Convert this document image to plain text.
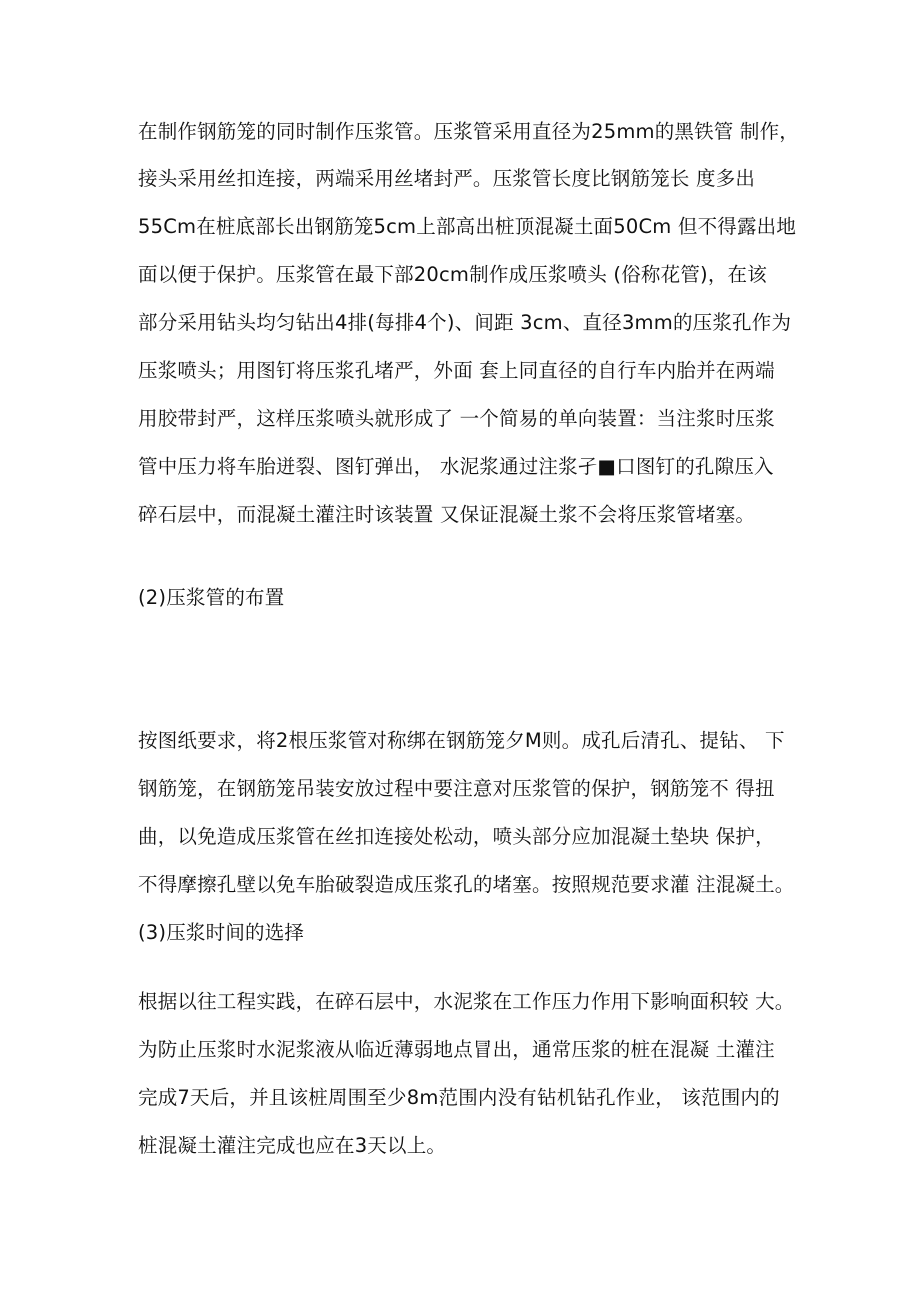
在制作钢筋笼的同时制作压浆管。压浆管采用直径为25mm的黑铁管 制作，
接头采用丝扣连接，两端采用丝堵封严。压浆管长度比钢筋笼长 度多出
55Cm在桩底部长出钢筋笼5cm上部高出桩顶混凝土面50Cm 但不得露出地
面以便于保护。压浆管在最下部20cm制作成压浆喷头 (俗称花管)，在该
部分采用钻头均匀钻出4排(每排4个)、间距 3cm、直径3mm的压浆孔作为
压浆喷头；用图钉将压浆孔堵严，外面 套上同直径的自行车内胎并在两端
用胶带封严，这样压浆喷头就形成了 一个简易的单向装置：当注浆时压浆
管中压力将车胎迸裂、图钉弹出， 水泥浆通过注浆孑■口图钉的孔隙压入
碎石层中，而混凝土灌注时该装置 又保证混凝土浆不会将压浆管堵塞。
(2)压浆管的布置
按图纸要求，将2根压浆管对称绑在钢筋笼夕M则。成孔后清孔、提钻、 下
钢筋笼，在钢筋笼吊装安放过程中要注意对压浆管的保护，钢筋笼不 得扭
曲，以免造成压浆管在丝扣连接处松动，喷头部分应加混凝土垫块 保护，
不得摩擦孔壁以免车胎破裂造成压浆孔的堵塞。按照规范要求灌 注混凝土。
(3)压浆时间的选择
根据以往工程实践，在碎石层中，水泥浆在工作压力作用下影响面积较 大。
为防止压浆时水泥浆液从临近薄弱地点冒出，通常压浆的桩在混凝 土灌注
完成7天后，并且该桩周围至少8m范围内没有钻机钻孔作业， 该范围内的
桩混凝土灌注完成也应在3天以上。
